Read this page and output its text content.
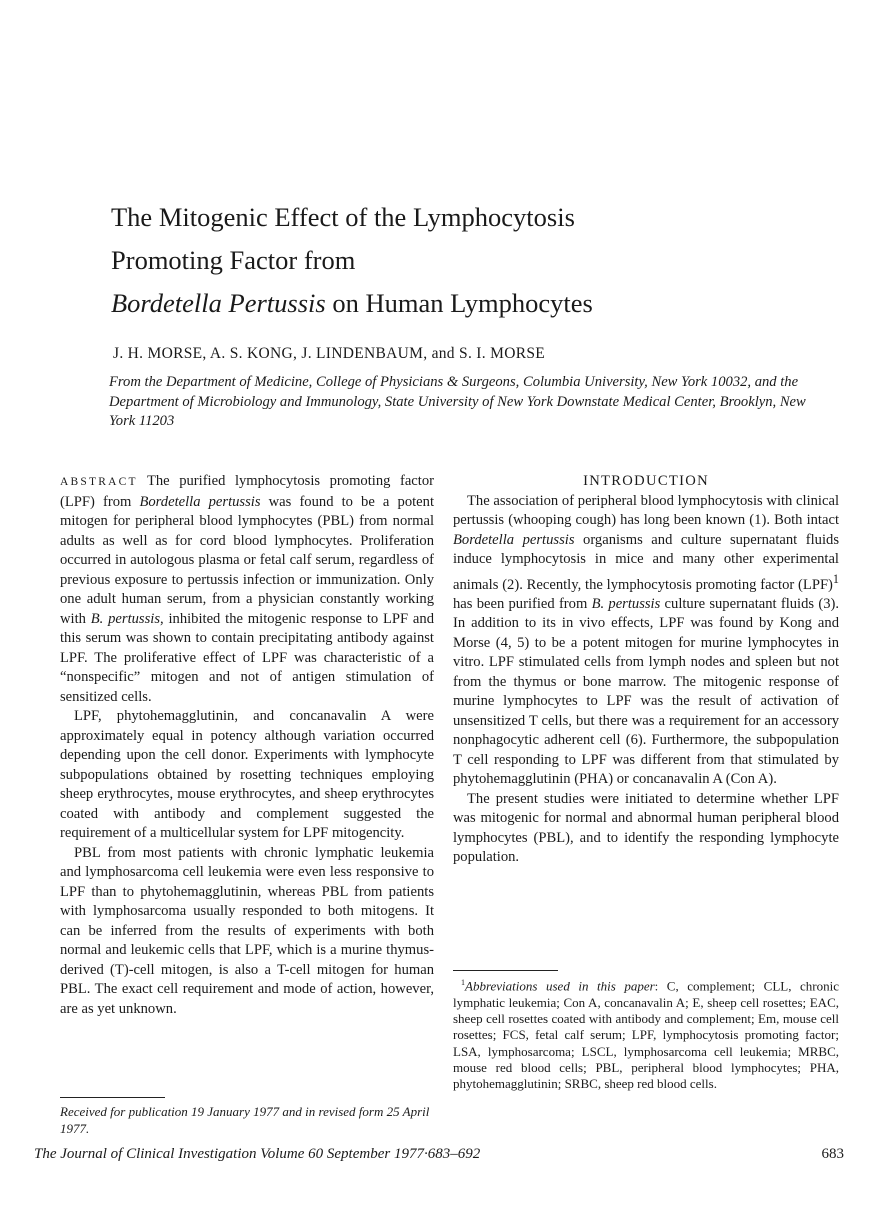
The Mitogenic Effect of the Lymphocytosis
Promoting Factor from
Bordetella Pertussis on Human Lymphocytes

J. H. MORSE, A. S. KONG, J. LINDENBAUM, and S. I. MORSE

From the Department of Medicine, College of Physicians & Surgeons, Columbia University, New York 10032, and the Department of Microbiology and Immunology, State University of New York Downstate Medical Center, Brooklyn, New York 11203

ABSTRACT The purified lymphocytosis promoting factor (LPF) from Bordetella pertussis was found to be a potent mitogen for peripheral blood lymphocytes (PBL) from normal adults as well as for cord blood lymphocytes. Proliferation occurred in autologous plasma or fetal calf serum, regardless of previous exposure to pertussis infection or immunization. Only one adult human serum, from a physician constantly working with B. pertussis, inhibited the mitogenic response to LPF and this serum was shown to contain precipitating antibody against LPF. The proliferative effect of LPF was characteristic of a “nonspecific” mitogen and not of antigen stimulation of sensitized cells.

LPF, phytohemagglutinin, and concanavalin A were approximately equal in potency although variation occurred depending upon the cell donor. Experiments with lymphocyte subpopulations obtained by rosetting techniques employing sheep erythrocytes, mouse erythrocytes, and sheep erythrocytes coated with antibody and complement suggested the requirement of a multicellular system for LPF mitogencity.

PBL from most patients with chronic lymphatic leukemia and lymphosarcoma cell leukemia were even less responsive to LPF than to phytohemagglutinin, whereas PBL from patients with lymphosarcoma usually responded to both mitogens. It can be inferred from the results of experiments with both normal and leukemic cells that LPF, which is a murine thymus-derived (T)-cell mitogen, is also a T-cell mitogen for human PBL. The exact cell requirement and mode of action, however, are as yet unknown.

Received for publication 19 January 1977 and in revised form 25 April 1977.

INTRODUCTION

The association of peripheral blood lymphocytosis with clinical pertussis (whooping cough) has long been known (1). Both intact Bordetella pertussis organisms and culture supernatant fluids induce lymphocytosis in mice and many other experimental animals (2). Recently, the lymphocytosis promoting factor (LPF)$^1$ has been purified from B. pertussis culture supernatant fluids (3). In addition to its in vivo effects, LPF was found by Kong and Morse (4, 5) to be a potent mitogen for murine lymphocytes in vitro. LPF stimulated cells from lymph nodes and spleen but not from the thymus or bone marrow. The mitogenic response of murine lymphocytes to LPF was the result of activation of unsensitized T cells, but there was a requirement for an accessory nonphagocytic adherent cell (6). Furthermore, the subpopulation T cell responding to LPF was different from that stimulated by phytohemagglutinin (PHA) or concanavalin A (Con A).

The present studies were initiated to determine whether LPF was mitogenic for normal and abnormal human peripheral blood lymphocytes (PBL), and to identify the responding lymphocyte population.

$^1$Abbreviations used in this paper: C, complement; CLL, chronic lymphatic leukemia; Con A, concanavalin A; E, sheep cell rosettes; EAC, sheep cell rosettes coated with antibody and complement; Em, mouse cell rosettes; FCS, fetal calf serum; LPF, lymphocytosis promoting factor; LSA, lymphosarcoma; LSCL, lymphosarcoma cell leukemia; MRBC, mouse red blood cells; PBL, peripheral blood lymphocytes; PHA, phytohemagglutinin; SRBC, sheep red blood cells.

The Journal of Clinical Investigation Volume 60 September 1977·683–692	683
